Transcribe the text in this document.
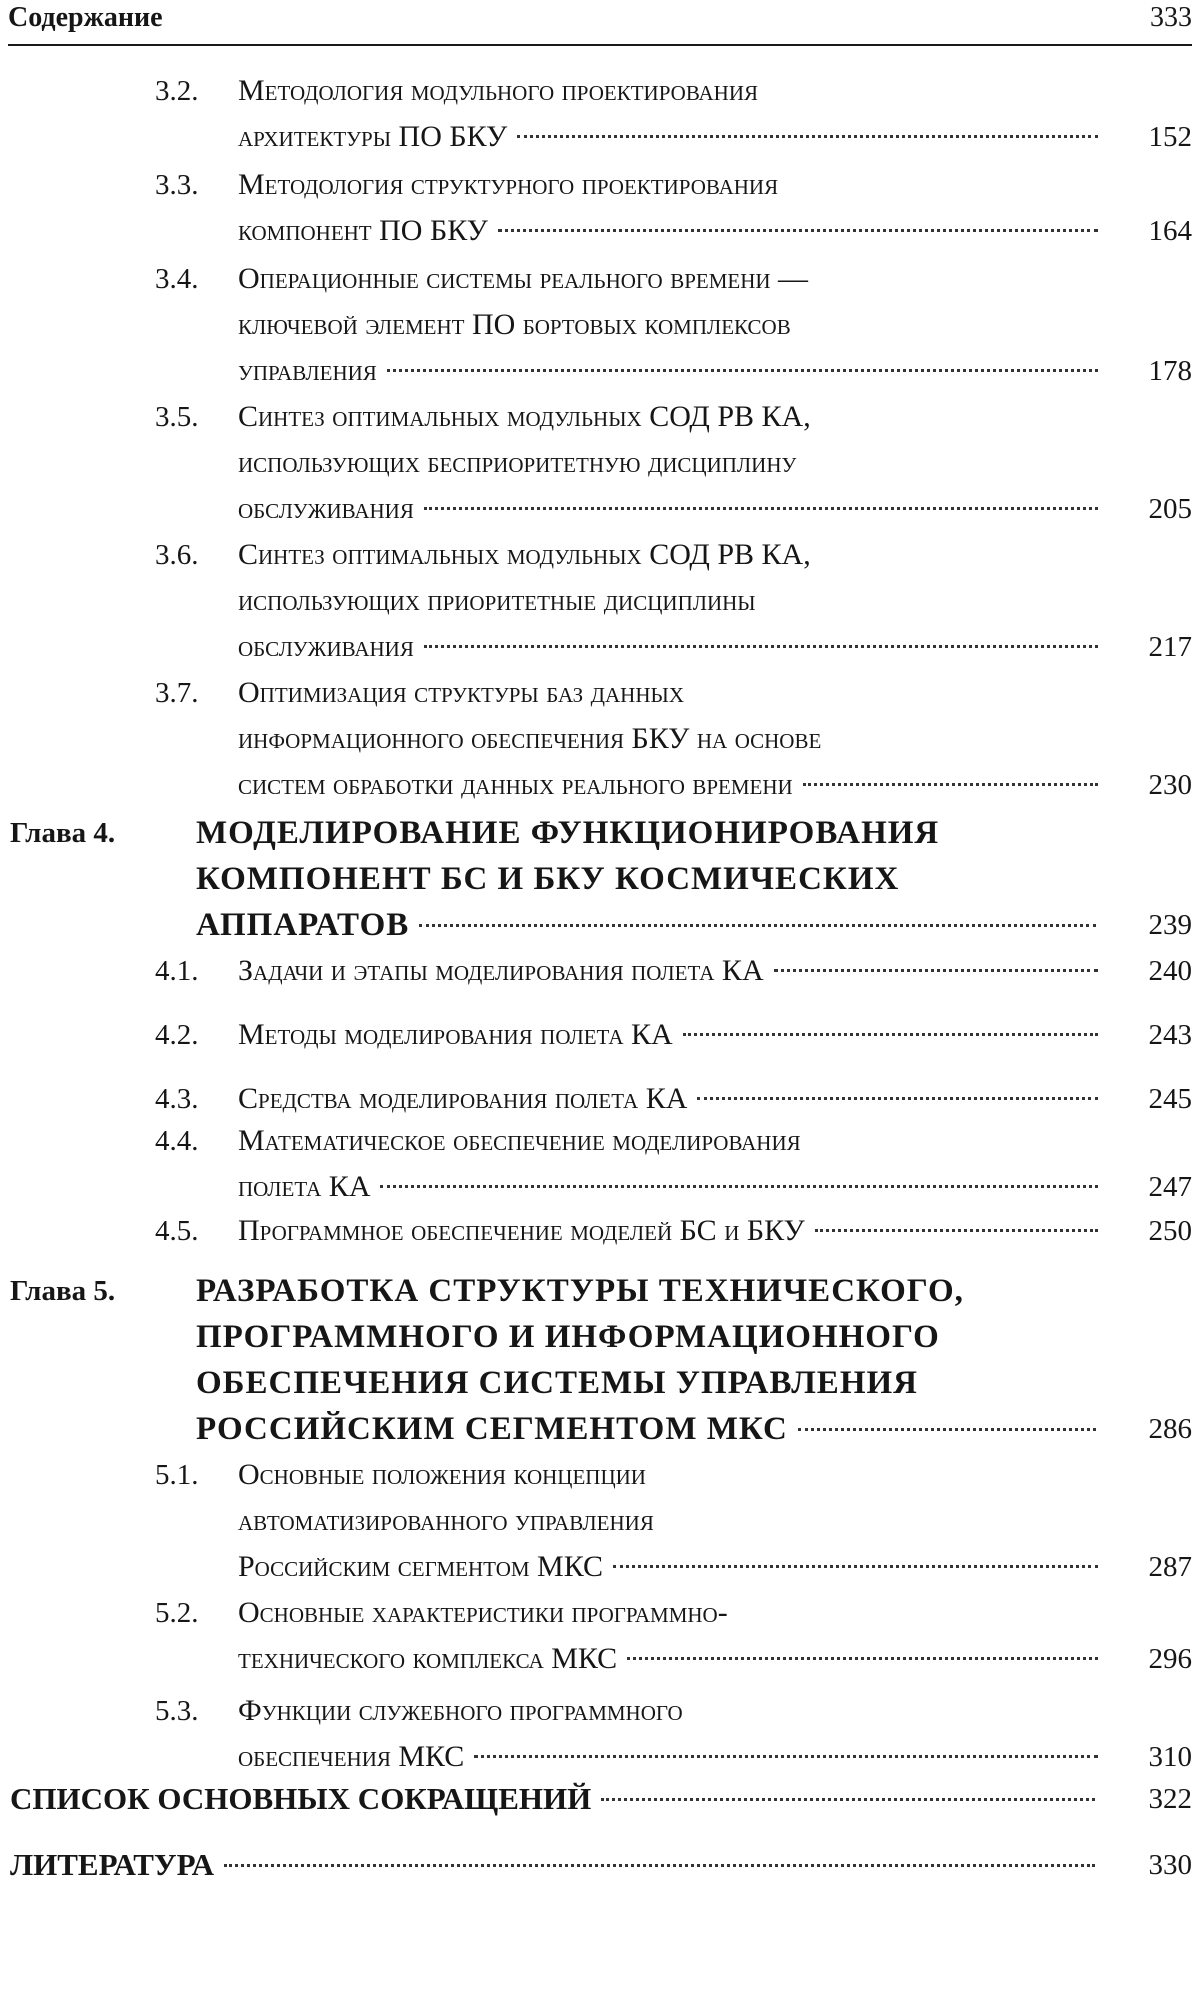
Содержание	333
3.2. Методология модульного проектирования
архитектуры ПО БКУ	152
3.3. Методология структурного проектирования
компонент ПО БКУ	164
3.4. Операционные системы реального времени —
ключевой элемент ПО бортовых комплексов
управления	178
3.5. Синтез оптимальных модульных СОД РВ КА,
использующих бесприоритетную дисциплину
обслуживания	205
3.6. Синтез оптимальных модульных СОД РВ КА,
использующих приоритетные дисциплины
обслуживания	217
3.7. Оптимизация структуры баз данных
информационного обеспечения БКУ на основе
систем обработки данных реального времени	230
Глава 4. МОДЕЛИРОВАНИЕ ФУНКЦИОНИРОВАНИЯ
КОМПОНЕНТ БС И БКУ КОСМИЧЕСКИХ
АППАРАТОВ	239
4.1. Задачи и этапы моделирования полета КА	240
4.2. Методы моделирования полета КА	243
4.3. Средства моделирования полета КА	245
4.4. Математическое обеспечение моделирования
полета КА	247
4.5. Программное обеспечение моделей БС и БКУ	250
Глава 5. РАЗРАБОТКА СТРУКТУРЫ ТЕХНИЧЕСКОГО,
ПРОГРАММНОГО И ИНФОРМАЦИОННОГО
ОБЕСПЕЧЕНИЯ СИСТЕМЫ УПРАВЛЕНИЯ
РОССИЙСКИМ СЕГМЕНТОМ МКС	286
5.1. Основные положения концепции
автоматизированного управления
Российским сегментом МКС	287
5.2. Основные характеристики программно-
технического комплекса МКС	296
5.3. Функции служебного программного
обеспечения МКС	310
СПИСОК ОСНОВНЫХ СОКРАЩЕНИЙ	322
ЛИТЕРАТУРА	330
